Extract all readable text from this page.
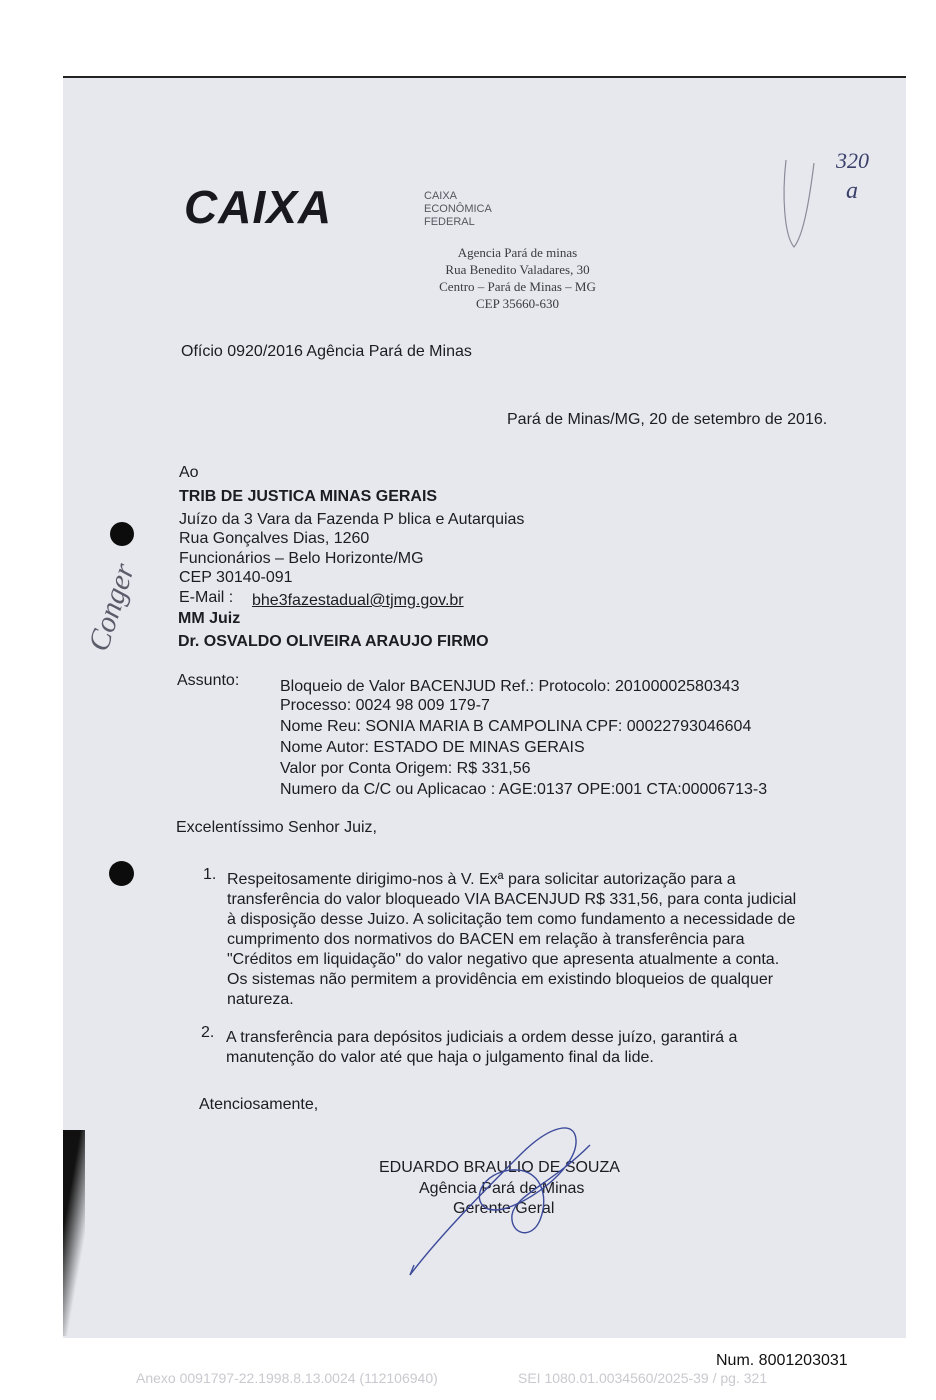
CAIXA	CAIXA
ECONÔMICA
FEDERAL
Agencia Pará de minas
Rua Benedito Valadares, 30
Centro – Pará de Minas – MG
CEP 35660-630
320
a
Ofício 0920/2016 Agência Pará de Minas
Pará de Minas/MG, 20 de setembro de 2016.
Ao
TRIB DE JUSTICA MINAS GERAIS
Juízo da 3 Vara da Fazenda P blica e Autarquias
Rua Gonçalves Dias, 1260
Funcionários – Belo Horizonte/MG
CEP 30140-091
E-Mail : bhe3fazestadual@tjmg.gov.br
MM Juiz
Dr. OSVALDO OLIVEIRA ARAUJO FIRMO
Conger
Assunto:	Bloqueio de Valor BACENJUD Ref.: Protocolo: 20100002580343
Processo: 0024 98 009 179-7
Nome Reu: SONIA MARIA B CAMPOLINA CPF: 00022793046604
Nome Autor: ESTADO DE MINAS GERAIS
Valor por Conta Origem: R$ 331,56
Numero da C/C ou Aplicacao : AGE:0137 OPE:001 CTA:00006713-3
Excelentíssimo Senhor Juiz,
1. Respeitosamente dirigimo-nos à V. Exª para solicitar autorização para a
transferência do valor bloqueado VIA BACENJUD R$ 331,56, para conta judicial
à disposição desse Juizo. A solicitação tem como fundamento a necessidade de
cumprimento dos normativos do BACEN em relação à transferência para
"Créditos em liquidação" do valor negativo que apresenta atualmente a conta.
Os sistemas não permitem a providência em existindo bloqueios de qualquer
natureza.
2. A transferência para depósitos judiciais a ordem desse juízo, garantirá a
manutenção do valor até que haja o julgamento final da lide.
Atenciosamente,
EDUARDO BRAULIO DE SOUZA
Agência Pará de Minas
Gerente Geral
Num. 8001203031
Anexo 0091797-22.1998.8.13.0024 (112106940)	SEI 1080.01.0034560/2025-39 / pg. 321
